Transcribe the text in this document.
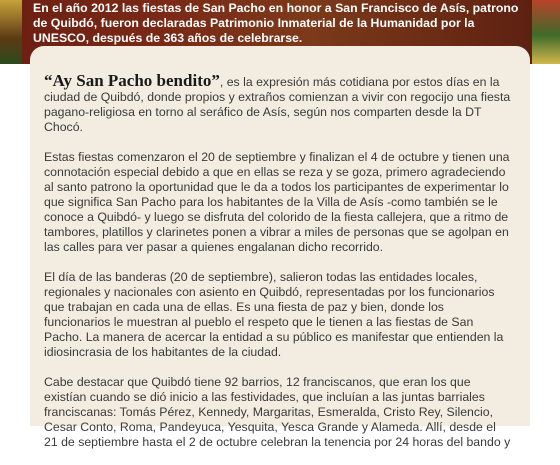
En el año 2012 las fiestas de San Pacho en honor a San Francisco de Asís, patrono de Quibdó, fueron declaradas Patrimonio Inmaterial de la Humanidad por la UNESCO, después de 363 años de celebrarse.

“Ay San Pacho bendito”, es la expresión más cotidiana por estos días en la ciudad de Quibdó, donde propios y extraños comienzan a vivir con regocijo una fiesta pagano-religiosa en torno al seráfico de Asís, según nos comparten desde la DT Chocó.

Estas fiestas comenzaron el 20 de septiembre y finalizan el 4 de octubre y tienen una connotación especial debido a que en ellas se reza y se goza, primero agradeciendo al santo patrono la oportunidad que le da a todos los participantes de experimentar lo que significa San Pacho para los habitantes de la Villa de Asís -como también se le conoce a Quibdó- y luego se disfruta del colorido de la fiesta callejera, que a ritmo de tambores, platillos y clarinetes ponen a vibrar a miles de personas que se agolpan en las calles para ver pasar a quienes engalanan dicho recorrido.

El día de las banderas (20 de septiembre), salieron todas las entidades locales, regionales y nacionales con asiento en Quibdó, representadas por los funcionarios que trabajan en cada una de ellas. Es una fiesta de paz y bien, donde los funcionarios le muestran al pueblo el respeto que le tienen a las fiestas de San Pacho. La manera de acercar la entidad a su público es manifestar que entienden la idiosincrasia de los habitantes de la ciudad.

Cabe destacar que Quibdó tiene 92 barrios, 12 franciscanos, que eran los que existían cuando se dió inicio a las festividades, que incluían a las juntas barriales franciscanas: Tomás Pérez, Kennedy, Margaritas, Esmeralda, Cristo Rey, Silencio, Cesar Conto, Roma, Pandeyuca, Yesquita, Yesca Grande y Alameda. Allí, desde el 21 de septiembre hasta el 2 de octubre celebran la tenencia por 24 horas del bando y
